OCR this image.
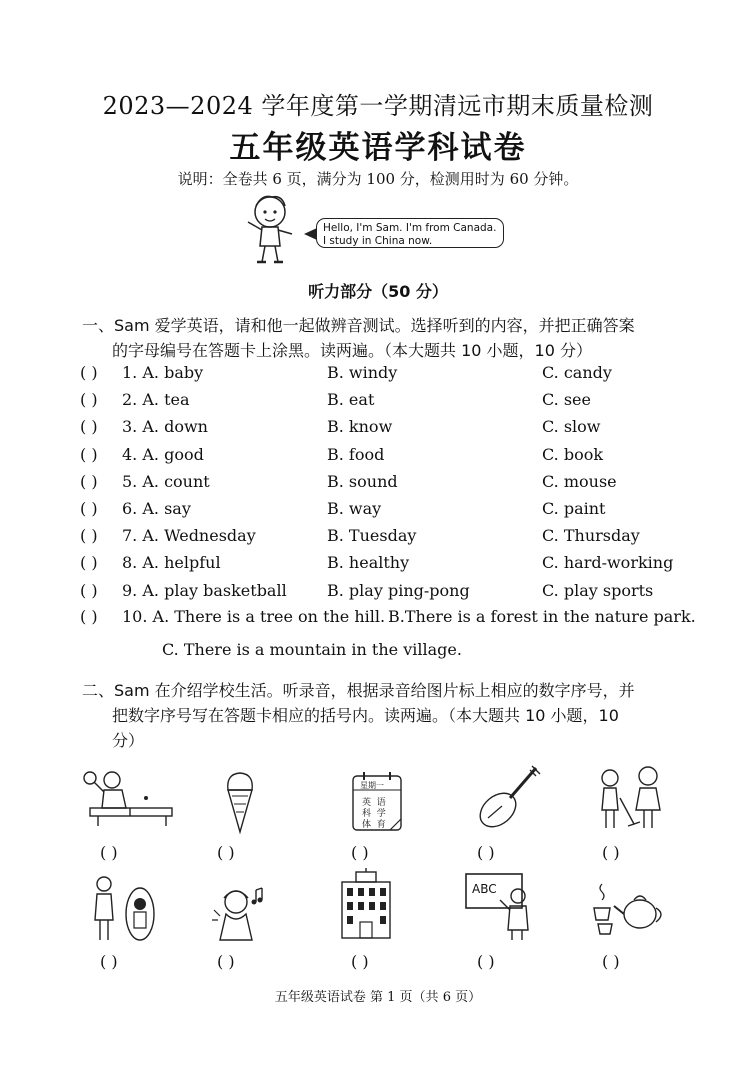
2023—2024 学年度第一学期清远市期末质量检测
五年级英语学科试卷
说明：全卷共 6 页，满分为 100 分，检测用时为 60 分钟。
Hello, I'm Sam. I'm from Canada.
I study in China now.
听力部分（50 分）
一、Sam 爱学英语，请和他一起做辨音测试。选择听到的内容，并把正确答案
的字母编号在答题卡上涂黑。读两遍。（本大题共 10 小题，10 分）
( ) 1. A. baby	B. windy	C. candy
( ) 2. A. tea	B. eat	C. see
( ) 3. A. down	B. know	C. slow
( ) 4. A. good	B. food	C. book
( ) 5. A. count	B. sound	C. mouse
( ) 6. A. say	B. way	C. paint
( ) 7. A. Wednesday	B. Tuesday	C. Thursday
( ) 8. A. helpful	B. healthy	C. hard-working
( ) 9. A. play basketball	B. play ping-pong	C. play sports
( ) 10. A. There is a tree on the hill. B.There is a forest in the nature park.
C. There is a mountain in the village.
二、Sam 在介绍学校生活。听录音，根据录音给图片标上相应的数字序号，并
把数字序号写在答题卡相应的括号内。读两遍。（本大题共 10 小题，10
分）
星期一
英 语
科 学
体 育
( )	( )	( )	( )	( )
ABC
( )	( )	( )	( )	( )
五年级英语试卷 第 1 页（共 6 页）
